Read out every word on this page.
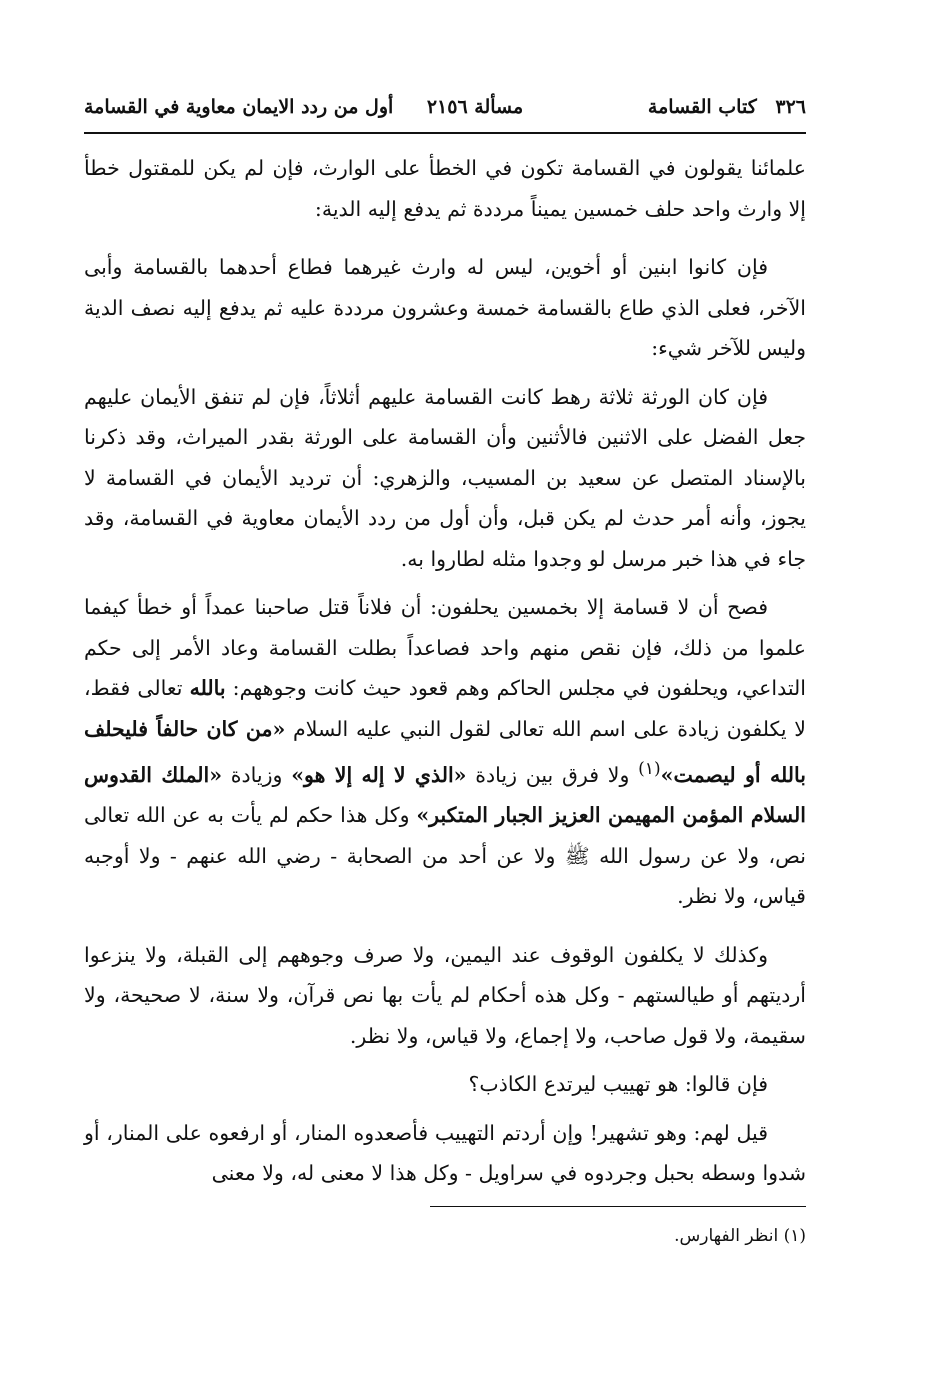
٣٢٦ كتاب القسامة
مسألة ٢١٥٦
أول من ردد الايمان معاوية في القسامة

علمائنا يقولون في القسامة تكون في الخطأ على الوارث، فإن لم يكن للمقتول خطأ إلا وارث واحد حلف خمسين يميناً مرددة ثم يدفع إليه الدية:

فإن كانوا ابنين أو أخوين، ليس له وارث غيرهما فطاع أحدهما بالقسامة وأبى الآخر، فعلى الذي طاع بالقسامة خمسة وعشرون مرددة عليه ثم يدفع إليه نصف الدية وليس للآخر شيء:

فإن كان الورثة ثلاثة رهط كانت القسامة عليهم أثلاثاً، فإن لم تنفق الأيمان عليهم جعل الفضل على الاثنين فالأثنين وأن القسامة على الورثة بقدر الميراث، وقد ذكرنا بالإسناد المتصل عن سعيد بن المسيب، والزهري: أن ترديد الأيمان في القسامة لا يجوز، وأنه أمر حدث لم يكن قبل، وأن أول من ردد الأيمان معاوية في القسامة، وقد جاء في هذا خبر مرسل لو وجدوا مثله لطاروا به.

فصح أن لا قسامة إلا بخمسين يحلفون: أن فلاناً قتل صاحبنا عمداً أو خطأ كيفما علموا من ذلك، فإن نقص منهم واحد فصاعداً بطلت القسامة وعاد الأمر إلى حكم التداعي، ويحلفون في مجلس الحاكم وهم قعود حيث كانت وجوههم: بالله تعالى فقط، لا يكلفون زيادة على اسم الله تعالى لقول النبي عليه السلام «من كان حالفاً فليحلف بالله أو ليصمت»$^{(١)}$ ولا فرق بين زيادة «الذي لا إله إلا هو» وزيادة «الملك القدوس السلام المؤمن المهيمن العزيز الجبار المتكبر» وكل هذا حكم لم يأت به عن الله تعالى نص، ولا عن رسول الله ﷺ ولا عن أحد من الصحابة - رضي الله عنهم - ولا أوجبه قياس، ولا نظر.

وكذلك لا يكلفون الوقوف عند اليمين، ولا صرف وجوههم إلى القبلة، ولا ينزعوا أرديتهم أو طيالستهم - وكل هذه أحكام لم يأت بها نص قرآن، ولا سنة، لا صحيحة، ولا سقيمة، ولا قول صاحب، ولا إجماع، ولا قياس، ولا نظر.

فإن قالوا: هو تهييب ليرتدع الكاذب؟

قيل لهم: وهو تشهير! وإن أردتم التهييب فأصعدوه المنار، أو ارفعوه على المنار، أو شدوا وسطه بحبل وجردوه في سراويل - وكل هذا لا معنى له، ولا معنى

(١) انظر الفهارس.
